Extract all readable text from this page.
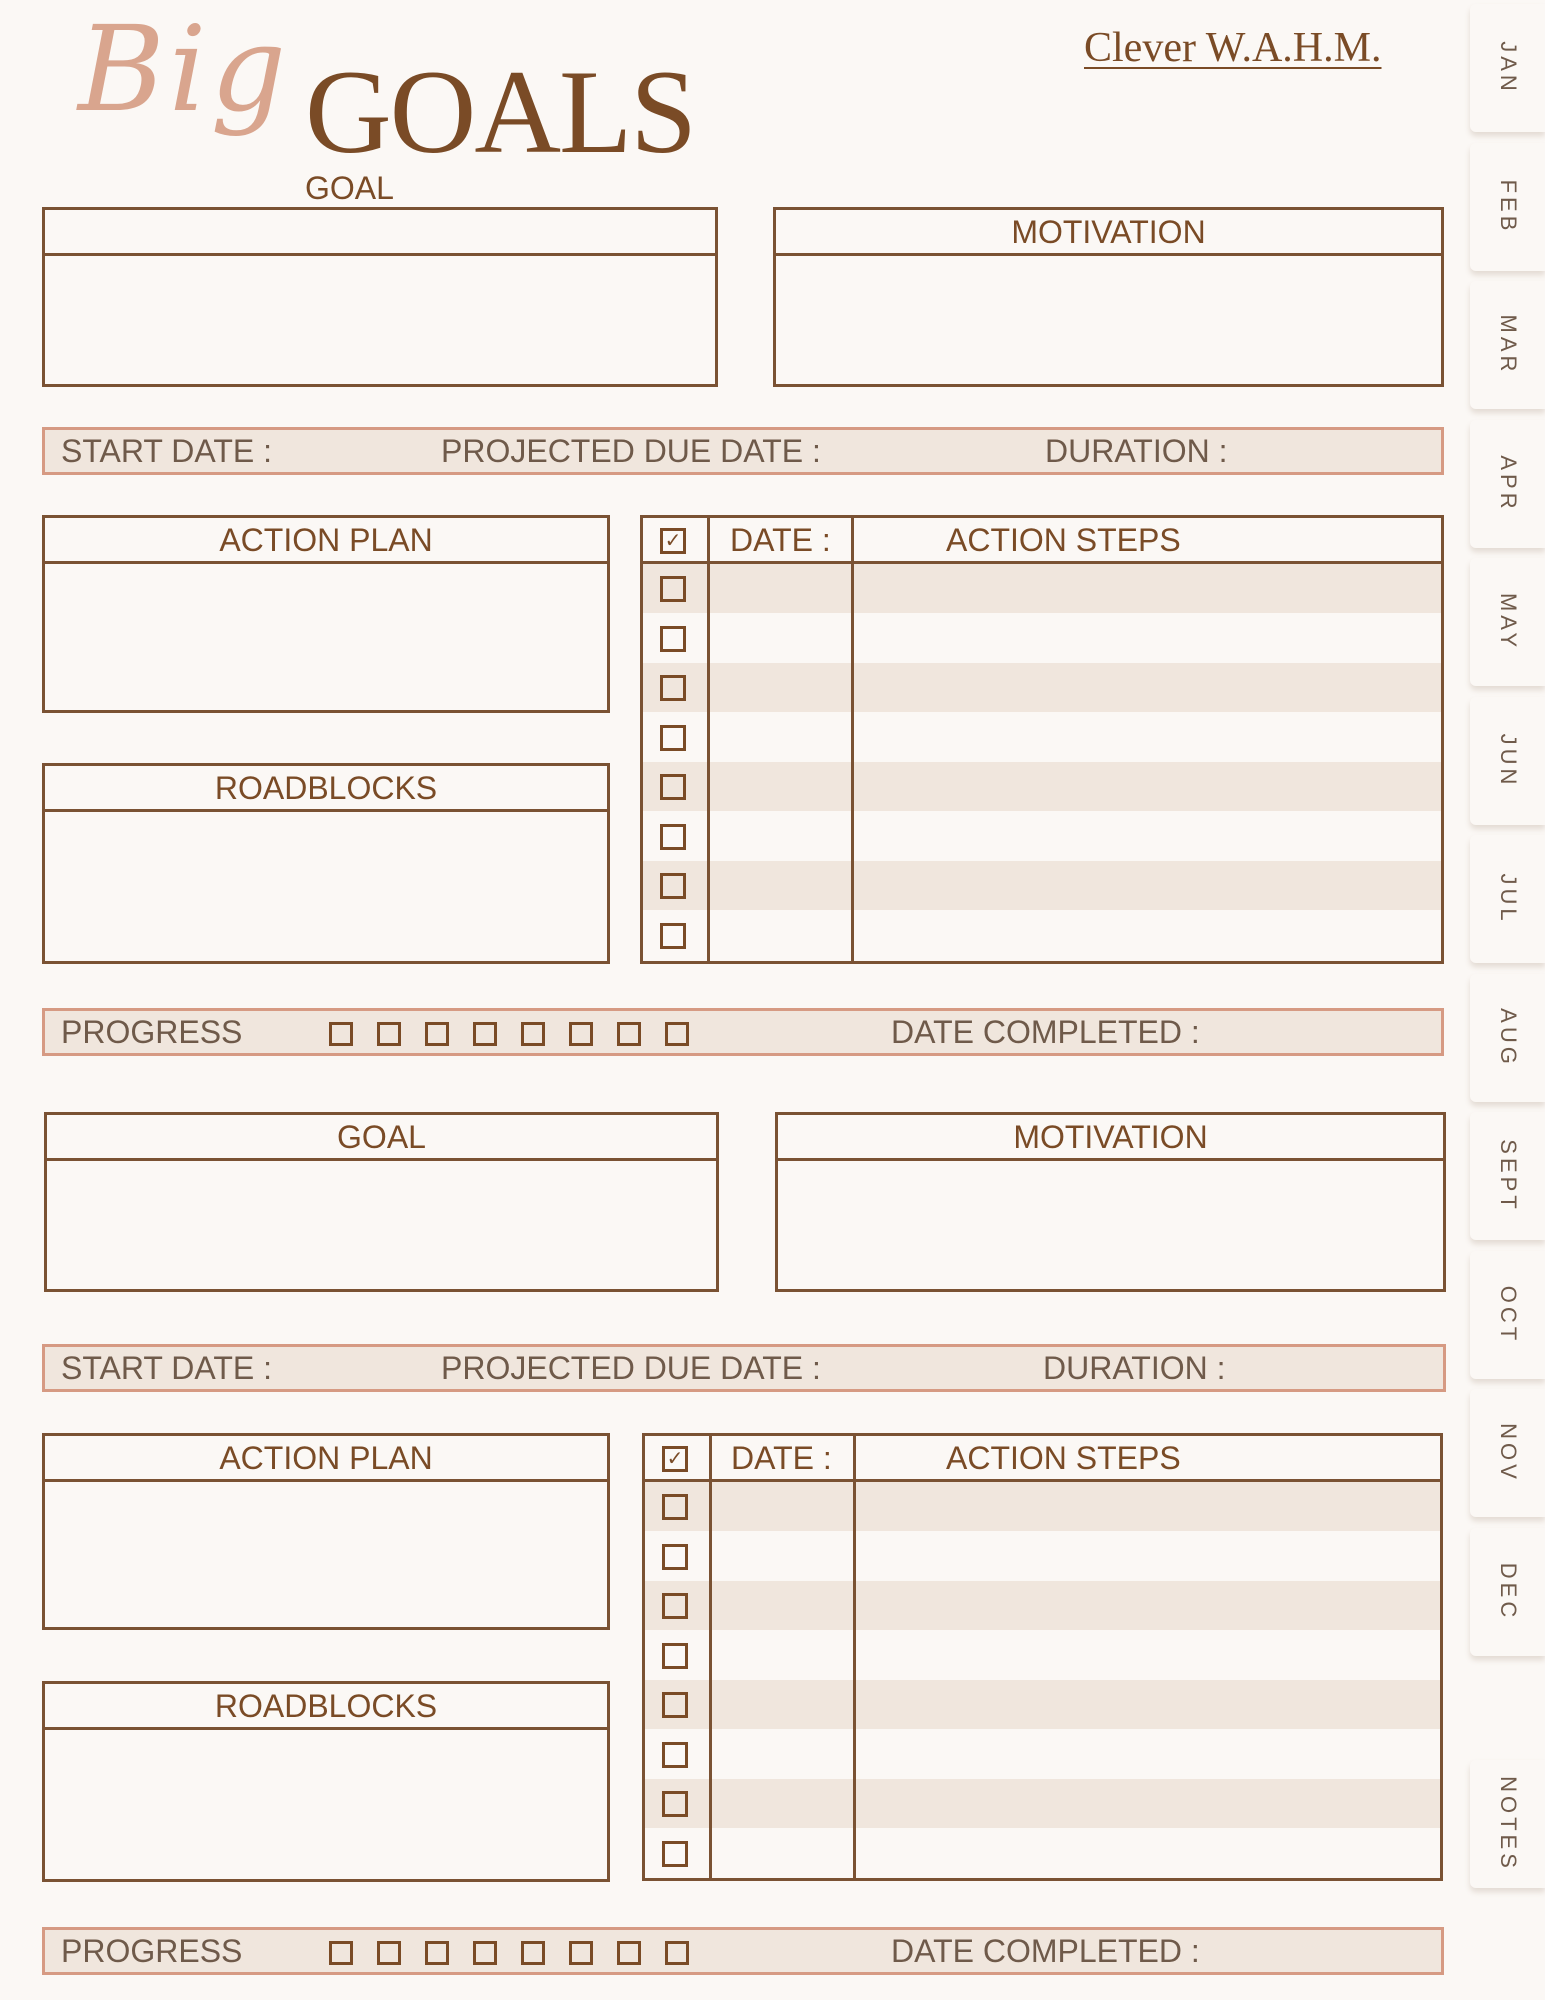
Big GOALS	Clever W.A.H.M.
GOAL
MOTIVATION
START DATE :	PROJECTED DUE DATE :	DURATION :
ACTION PLAN
ROADBLOCKS
✓ DATE :	ACTION STEPS
PROGRESS	DATE COMPLETED :
GOAL	MOTIVATION
START DATE :	PROJECTED DUE DATE :	DURATION :
ACTION PLAN
ROADBLOCKS
✓ DATE :	ACTION STEPS
PROGRESS	DATE COMPLETED :
JAN
FEB
MAR
APR
MAY
JUN
JUL
AUG
SEPT
OCT
NOV
DEC
NOTES
